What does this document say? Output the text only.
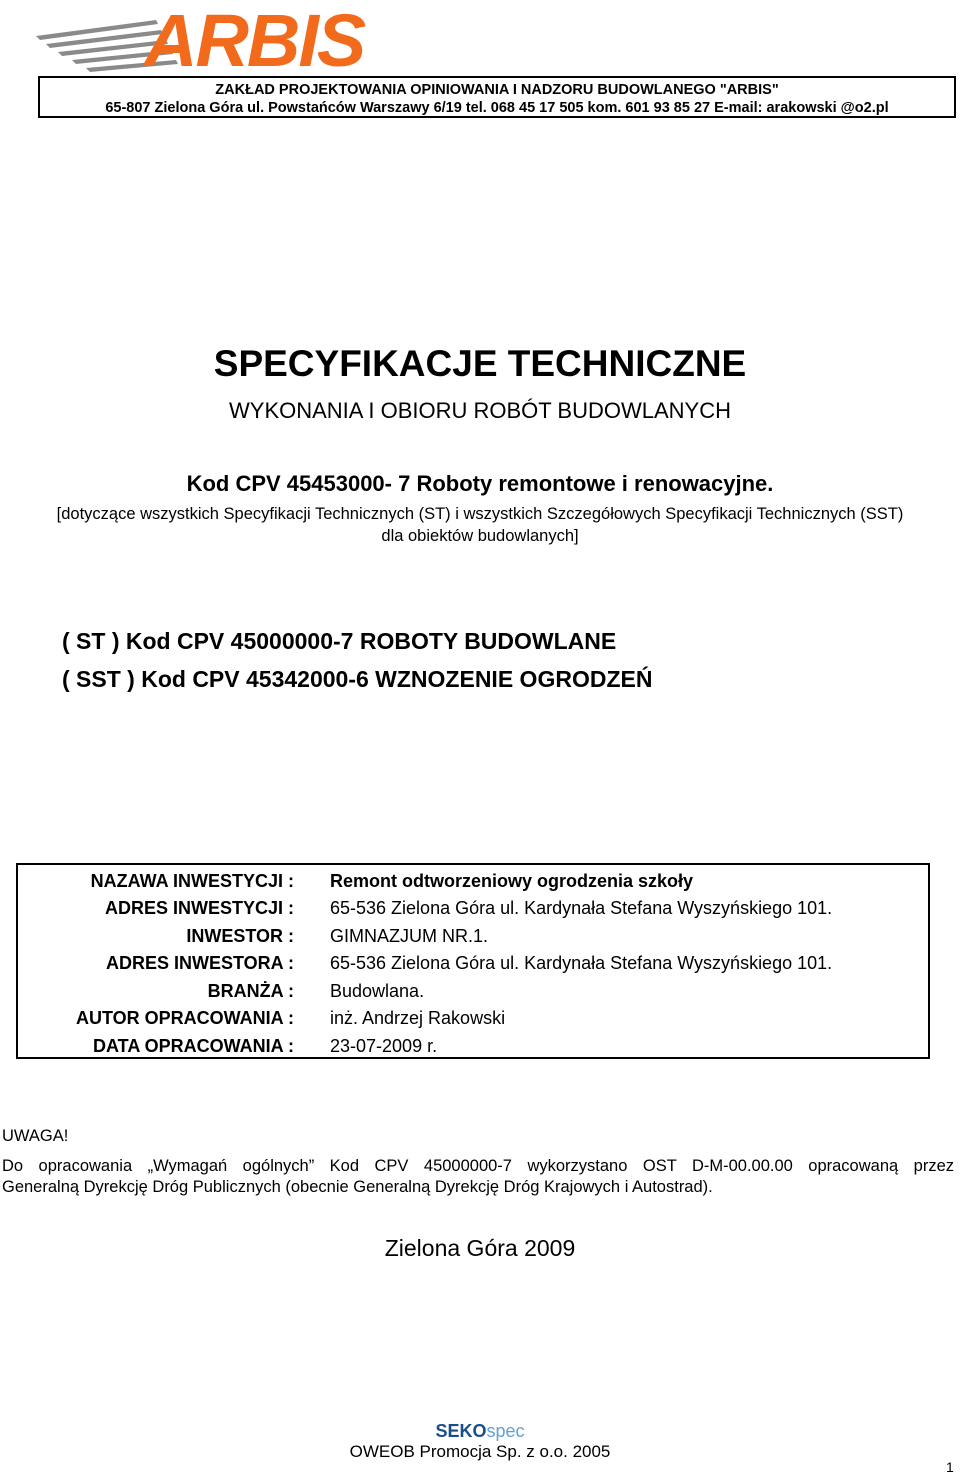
ARBIS
ZAKŁAD PROJEKTOWANIA OPINIOWANIA I NADZORU BUDOWLANEGO "ARBIS"
65-807 Zielona Góra ul. Powstańców Warszawy 6/19 tel. 068 45 17 505 kom. 601 93 85 27 E-mail: arakowski @o2.pl
SPECYFIKACJE TECHNICZNE
WYKONANIA I OBIORU ROBÓT BUDOWLANYCH
Kod CPV 45453000- 7 Roboty remontowe i renowacyjne.
[dotyczące wszystkich Specyfikacji Technicznych (ST) i wszystkich Szczegółowych Specyfikacji Technicznych (SST)
dla obiektów budowlanych]
( ST ) Kod CPV 45000000-7 ROBOTY BUDOWLANE
( SST ) Kod CPV 45342000-6 WZNOZENIE OGRODZEŃ
NAZAWA INWESTYCJI : Remont odtworzeniowy ogrodzenia szkoły
ADRES INWESTYCJI : 65-536 Zielona Góra ul. Kardynała Stefana Wyszyńskiego 101.
INWESTOR : GIMNAZJUM NR.1.
ADRES INWESTORA : 65-536 Zielona Góra ul. Kardynała Stefana Wyszyńskiego 101.
BRANŻA : Budowlana.
AUTOR OPRACOWANIA : inż. Andrzej Rakowski
DATA OPRACOWANIA : 23-07-2009 r.
UWAGA!
Do opracowania „Wymagań ogólnych” Kod CPV 45000000-7 wykorzystano OST D-M-00.00.00 opracowaną przez
Generalną Dyrekcję Dróg Publicznych (obecnie Generalną Dyrekcję Dróg Krajowych i Autostrad).
Zielona Góra 2009
SEKOspec
OWEOB Promocja Sp. z o.o. 2005
1
